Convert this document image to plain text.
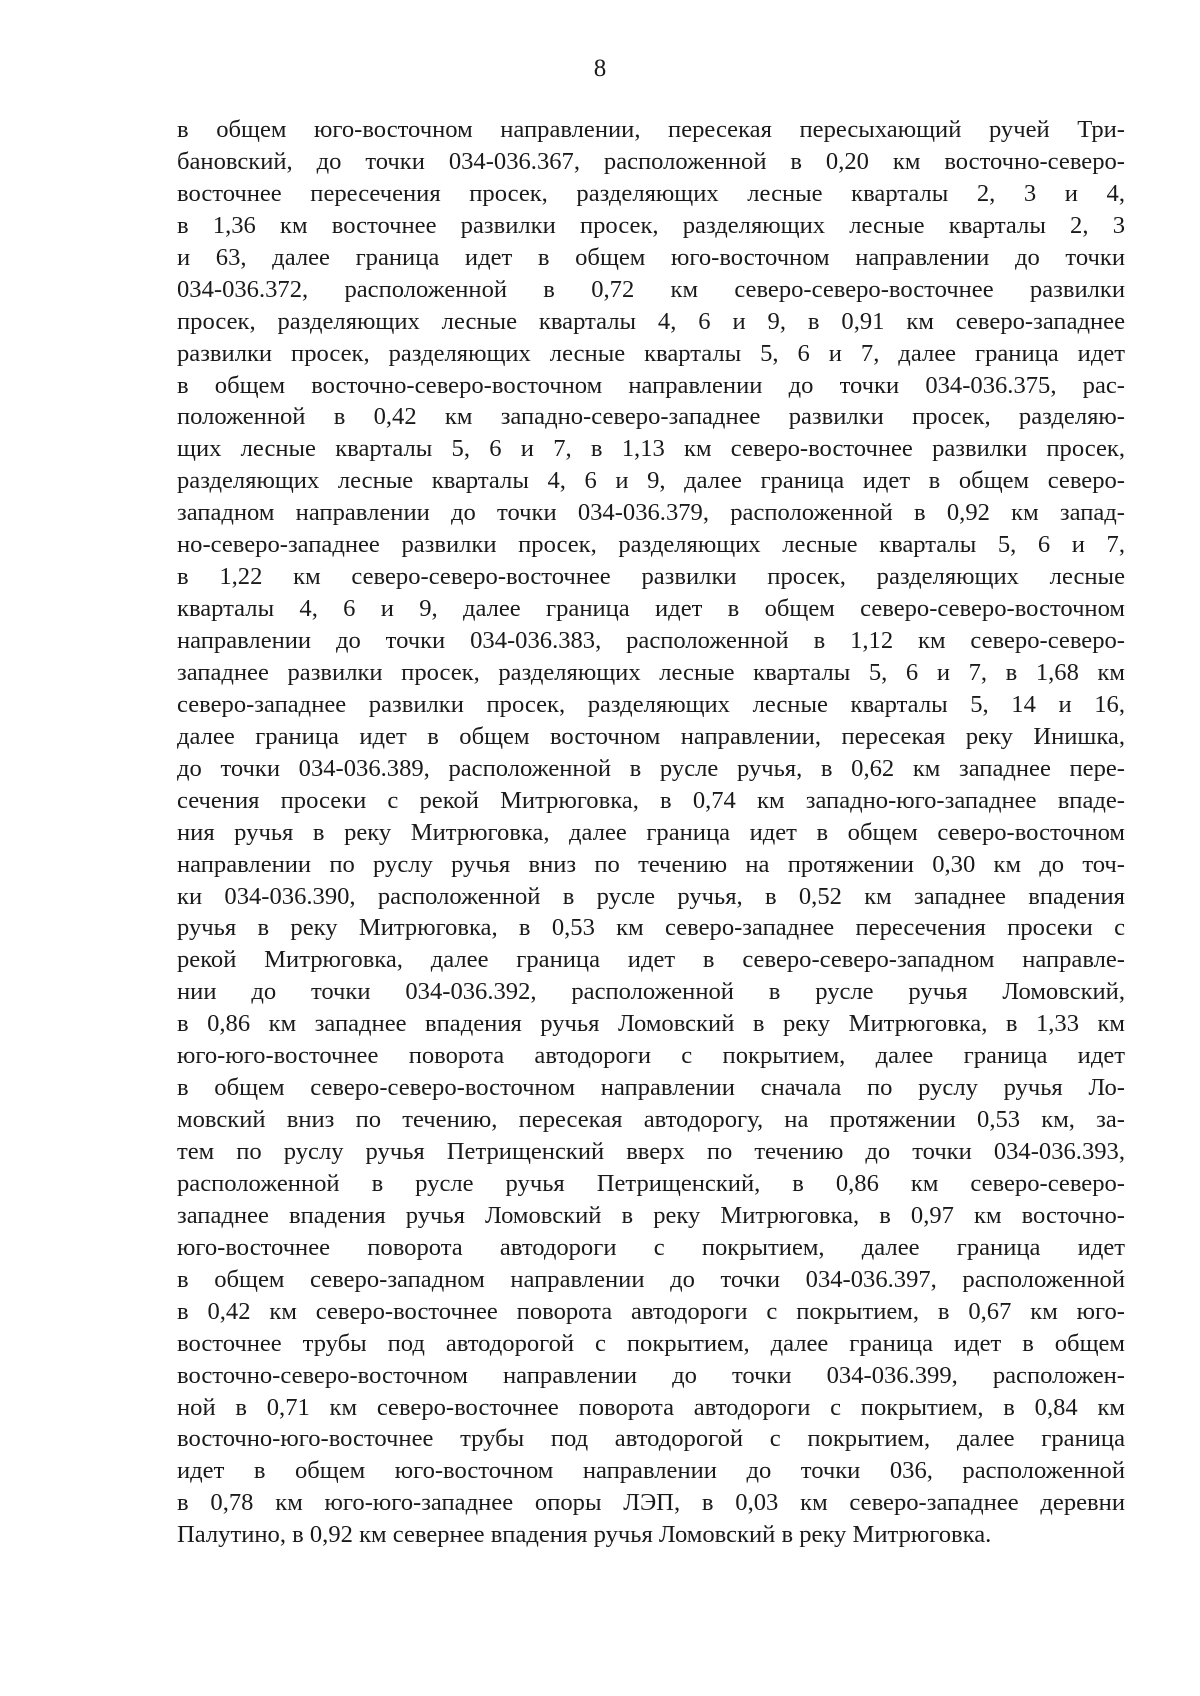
8
в общем юго-восточном направлении, пересекая пересыхающий ручей Три-
бановский, до точки 034-036.367, расположенной в 0,20 км восточно-северо-
восточнее пересечения просек, разделяющих лесные кварталы 2, 3 и 4,
в 1,36 км восточнее развилки просек, разделяющих лесные кварталы 2, 3
и 63, далее граница идет в общем юго-восточном направлении до точки
034-036.372, расположенной в 0,72 км северо-северо-восточнее развилки
просек, разделяющих лесные кварталы 4, 6 и 9, в 0,91 км северо-западнее
развилки просек, разделяющих лесные кварталы 5, 6 и 7, далее граница идет
в общем восточно-северо-восточном направлении до точки 034-036.375, рас-
положенной в 0,42 км западно-северо-западнее развилки просек, разделяю-
щих лесные кварталы 5, 6 и 7, в 1,13 км северо-восточнее развилки просек,
разделяющих лесные кварталы 4, 6 и 9, далее граница идет в общем северо-
западном направлении до точки 034-036.379, расположенной в 0,92 км запад-
но-северо-западнее развилки просек, разделяющих лесные кварталы 5, 6 и 7,
в 1,22 км северо-северо-восточнее развилки просек, разделяющих лесные
кварталы 4, 6 и 9, далее граница идет в общем северо-северо-восточном
направлении до точки 034-036.383, расположенной в 1,12 км северо-северо-
западнее развилки просек, разделяющих лесные кварталы 5, 6 и 7, в 1,68 км
северо-западнее развилки просек, разделяющих лесные кварталы 5, 14 и 16,
далее граница идет в общем восточном направлении, пересекая реку Инишка,
до точки 034-036.389, расположенной в русле ручья, в 0,62 км западнее пере-
сечения просеки с рекой Митрюговка, в 0,74 км западно-юго-западнее впаде-
ния ручья в реку Митрюговка, далее граница идет в общем северо-восточном
направлении по руслу ручья вниз по течению на протяжении 0,30 км до точ-
ки 034-036.390, расположенной в русле ручья, в 0,52 км западнее впадения
ручья в реку Митрюговка, в 0,53 км северо-западнее пересечения просеки с
рекой Митрюговка, далее граница идет в северо-северо-западном направле-
нии до точки 034-036.392, расположенной в русле ручья Ломовский,
в 0,86 км западнее впадения ручья Ломовский в реку Митрюговка, в 1,33 км
юго-юго-восточнее поворота автодороги с покрытием, далее граница идет
в общем северо-северо-восточном направлении сначала по руслу ручья Ло-
мовский вниз по течению, пересекая автодорогу, на протяжении 0,53 км, за-
тем по руслу ручья Петрищенский вверх по течению до точки 034-036.393,
расположенной в русле ручья Петрищенский, в 0,86 км северо-северо-
западнее впадения ручья Ломовский в реку Митрюговка, в 0,97 км восточно-
юго-восточнее поворота автодороги с покрытием, далее граница идет
в общем северо-западном направлении до точки 034-036.397, расположенной
в 0,42 км северо-восточнее поворота автодороги с покрытием, в 0,67 км юго-
восточнее трубы под автодорогой с покрытием, далее граница идет в общем
восточно-северо-восточном направлении до точки 034-036.399, расположен-
ной в 0,71 км северо-восточнее поворота автодороги с покрытием, в 0,84 км
восточно-юго-восточнее трубы под автодорогой с покрытием, далее граница
идет в общем юго-восточном направлении до точки 036, расположенной
в 0,78 км юго-юго-западнее опоры ЛЭП, в 0,03 км северо-западнее деревни
Палутино, в 0,92 км севернее впадения ручья Ломовский в реку Митрюговка.
